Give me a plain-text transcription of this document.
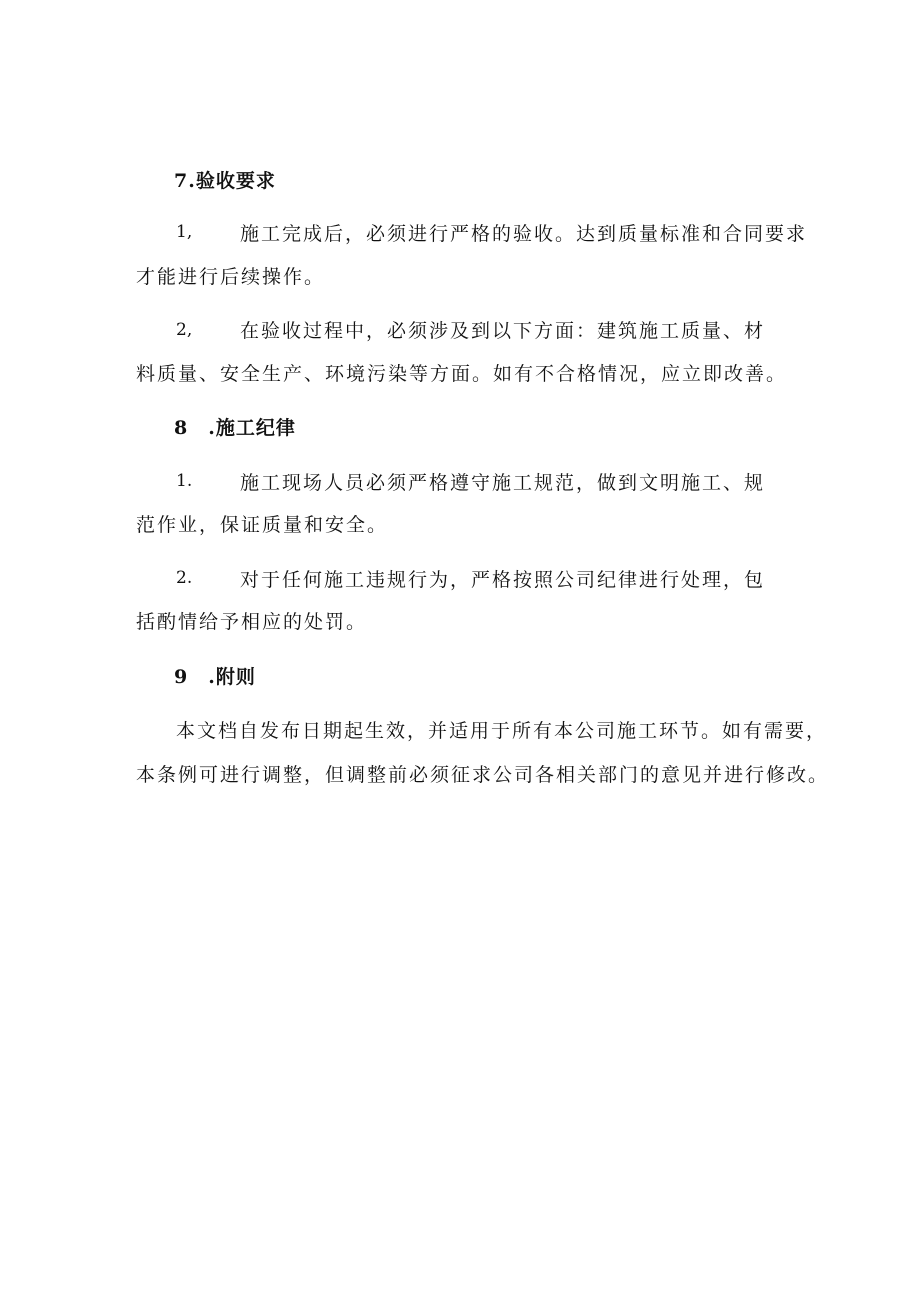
7.验收要求
1,	施工完成后，必须进行严格的验收。达到质量标准和合同要求
才能进行后续操作。
2,	在验收过程中，必须涉及到以下方面：建筑施工质量、材
料质量、安全生产、环境污染等方面。如有不合格情况，应立即改善。
8　.施工纪律
1.	施工现场人员必须严格遵守施工规范，做到文明施工、规
范作业，保证质量和安全。
2.	对于任何施工违规行为，严格按照公司纪律进行处理，包
括酌情给予相应的处罚。
9　.附则
本文档自发布日期起生效，并适用于所有本公司施工环节。如有需要，
本条例可进行调整，但调整前必须征求公司各相关部门的意见并进行修改。
